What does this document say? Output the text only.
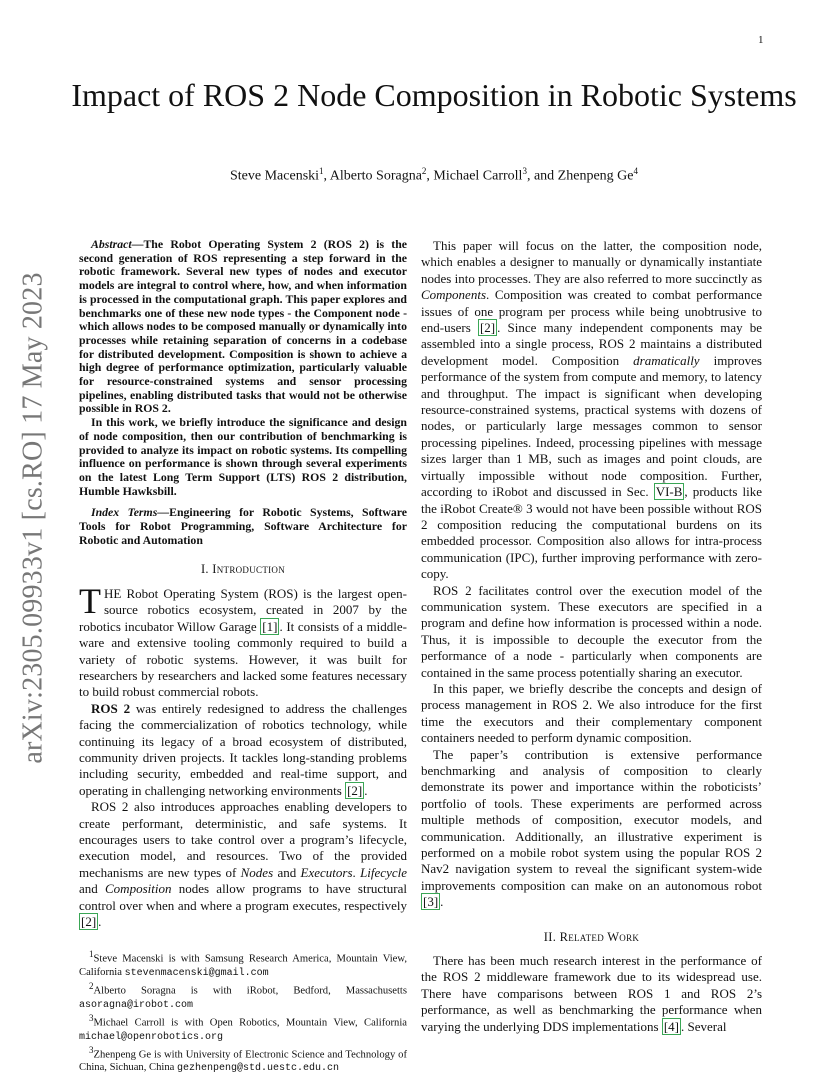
1
arXiv:2305.09933v1 [cs.RO] 17 May 2023
Impact of ROS 2 Node Composition in Robotic Systems
Steve Macenski$^1$, Alberto Soragna$^2$, Michael Carroll$^3$, and Zhenpeng Ge$^4$

Abstract—The Robot Operating System 2 (ROS 2) is the second generation of ROS representing a step forward in the robotic framework. Several new types of nodes and executor models are integral to control where, how, and when information is processed in the computational graph. This paper explores and benchmarks one of these new node types - the Component node - which allows nodes to be composed manually or dynamically into processes while retaining separation of concerns in a codebase for distributed development. Composition is shown to achieve a high degree of performance optimization, particularly valuable for resource-constrained systems and sensor processing pipelines, enabling distributed tasks that would not be otherwise possible in ROS 2.

In this work, we briefly introduce the significance and design of node composition, then our contribution of benchmarking is provided to analyze its impact on robotic systems. Its compelling influence on performance is shown through several experiments on the latest Long Term Support (LTS) ROS 2 distribution, Humble Hawksbill.

Index Terms—Engineering for Robotic Systems, Software Tools for Robot Programming, Software Architecture for Robotic and Automation

I. Introduction

THE Robot Operating System (ROS) is the largest open-source robotics ecosystem, created in 2007 by the robotics incubator Willow Garage [1] . It consists of a middle-ware and extensive tooling commonly required to build a variety of robotic systems. However, it was built for researchers by researchers and lacked some features necessary to build robust commercial robots.

ROS 2 was entirely redesigned to address the challenges facing the commercialization of robotics technology, while continuing its legacy of a broad ecosystem of distributed, community driven projects. It tackles long-standing problems including security, embedded and real-time support, and operating in challenging networking environments [2] .

ROS 2 also introduces approaches enabling developers to create performant, deterministic, and safe systems. It encourages users to take control over a program’s lifecycle, execution model, and resources. Two of the provided mechanisms are new types of Nodes and Executors. Lifecycle and Composition nodes allow programs to have structural control over when and where a program executes, respectively [2] .

$^1$Steve Macenski is with Samsung Research America, Mountain View, California stevenmacenski@gmail.com

$^2$Alberto Soragna is with iRobot, Bedford, Massachusetts asoragna@irobot.com

$^3$Michael Carroll is with Open Robotics, Mountain View, California michael@openrobotics.org

$^3$Zhenpeng Ge is with University of Electronic Science and Technology of China, Sichuan, China gezhenpeng@std.uestc.edu.cn

This paper will focus on the latter, the composition node, which enables a designer to manually or dynamically instantiate nodes into processes. They are also referred to more succinctly as Components. Composition was created to combat performance issues of one program per process while being unobtrusive to end-users [2] . Since many independent components may be assembled into a single process, ROS 2 maintains a distributed development model. Composition dramatically improves performance of the system from compute and memory, to latency and throughput. The impact is significant when developing resource-constrained systems, practical systems with dozens of nodes, or particularly large messages common to sensor processing pipelines. Indeed, processing pipelines with message sizes larger than 1 MB, such as images and point clouds, are virtually impossible without node composition. Further, according to iRobot and discussed in Sec. VI-B , products like the iRobot Create® 3 would not have been possible without ROS 2 composition reducing the computational burdens on its embedded processor. Composition also allows for intra-process communication (IPC), further improving performance with zero-copy.

ROS 2 facilitates control over the execution model of the communication system. These executors are specified in a program and define how information is processed within a node. Thus, it is impossible to decouple the executor from the performance of a node - particularly when components are contained in the same process potentially sharing an executor.

In this paper, we briefly describe the concepts and design of process management in ROS 2. We also introduce for the first time the executors and their complementary component containers needed to perform dynamic composition.

The paper’s contribution is extensive performance benchmarking and analysis of composition to clearly demonstrate its power and importance within the roboticists’ portfolio of tools. These experiments are performed across multiple methods of composition, executor models, and communication. Additionally, an illustrative experiment is performed on a mobile robot system using the popular ROS 2 Nav2 navigation system to reveal the significant system-wide improvements composition can make on an autonomous robot [3] .

II. Related Work

There has been much research interest in the performance of the ROS 2 middleware framework due to its widespread use. There have comparisons between ROS 1 and ROS 2’s performance, as well as benchmarking the performance when varying the underlying DDS implementations [4] . Several
